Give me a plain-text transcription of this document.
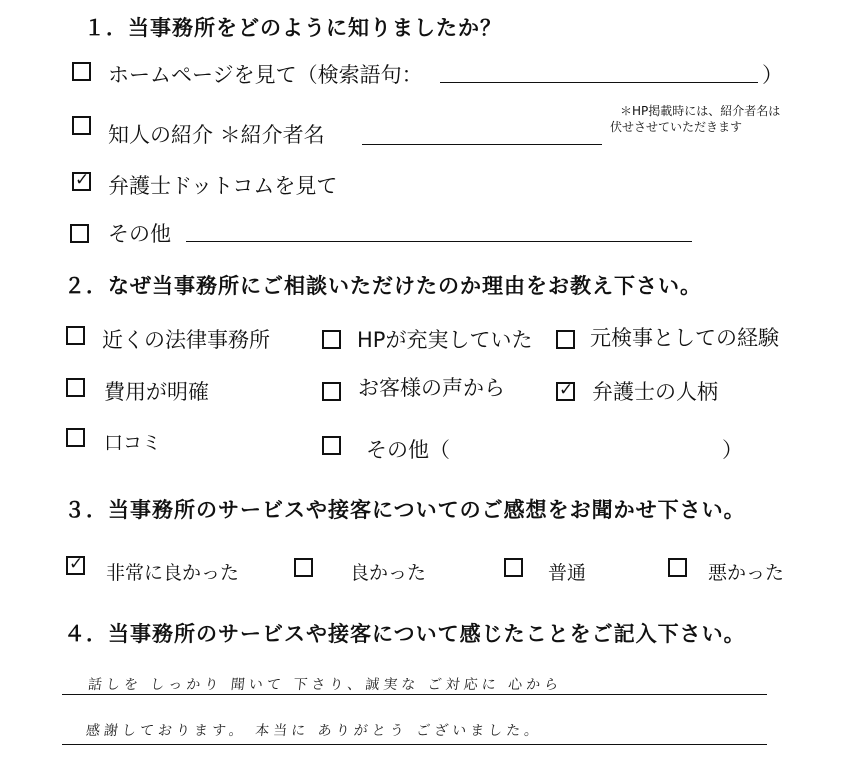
１．当事務所をどのように知りましたか？
ホームページを見て（検索語句：	）
知人の紹介 ＊紹介者名
＊HP掲載時には、紹介者名は
伏せさせていただきます
✓ 弁護士ドットコムを見て
その他
２．なぜ当事務所にご相談いただけたのか理由をお教え下さい。
近くの法律事務所	HPが充実していた	元検事としての経験
費用が明確	お客様の声から	✓ 弁護士の人柄
口コミ	その他（	）
３．当事務所のサービスや接客についてのご感想をお聞かせ下さい。
✓ 非常に良かった	良かった	普通	悪かった
４．当事務所のサービスや接客について感じたことをご記入下さい。
話しを しっかり 聞いて 下さり、誠実な ご対応に 心から
感謝しております。 本当に ありがとう ございました。
